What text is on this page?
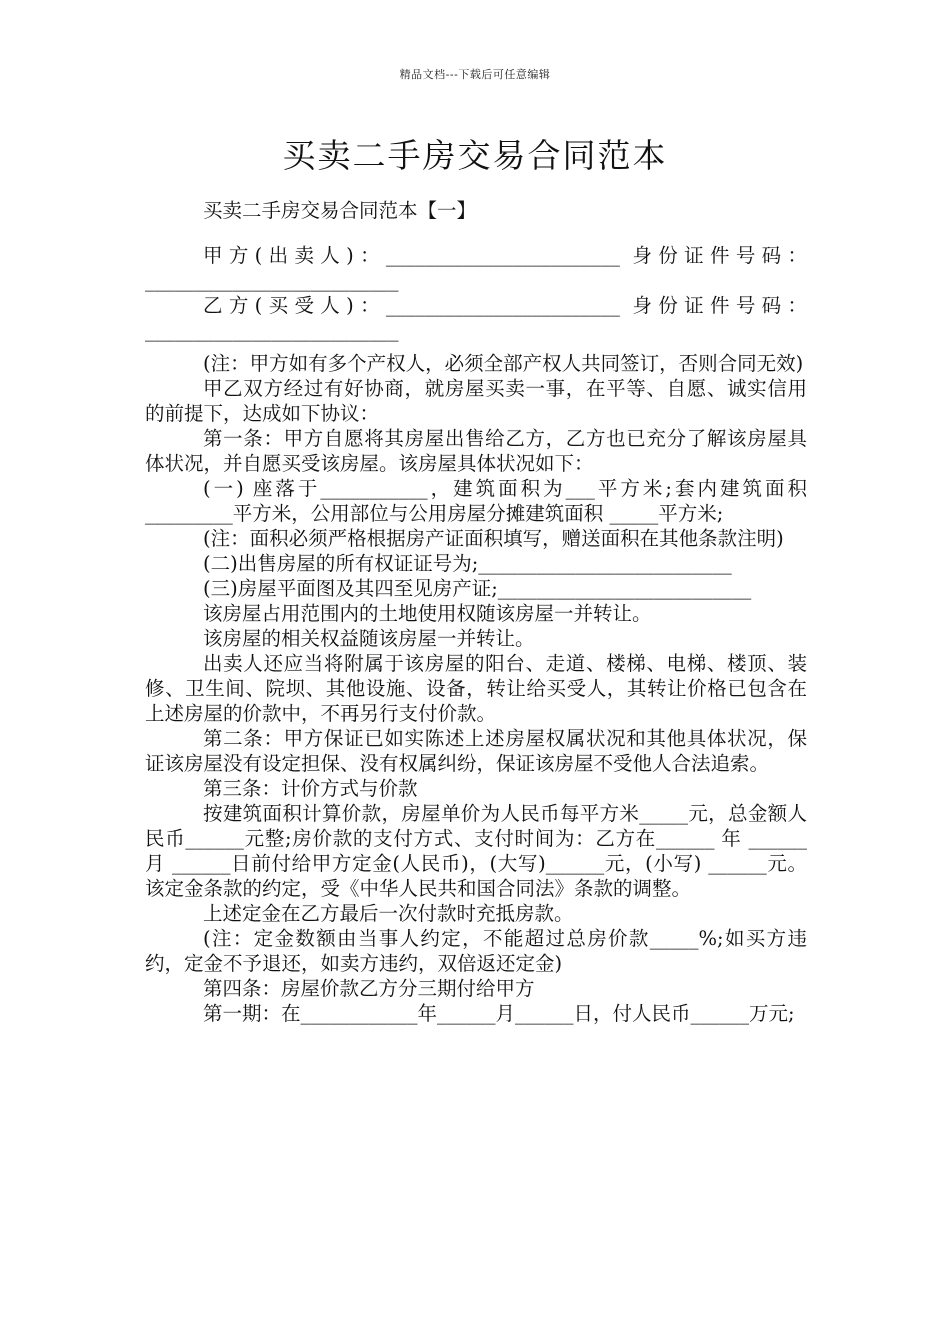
精品文档---下载后可任意编辑
买卖二手房交易合同范本

买卖二手房交易合同范本【一】

甲方(出卖人)：________________________ 身份证件号码：__________________________

乙方(买受人)：________________________ 身份证件号码：__________________________

(注：甲方如有多个产权人，必须全部产权人共同签订，否则合同无效)

甲乙双方经过有好协商，就房屋买卖一事，在平等、自愿、诚实信用的前提下，达成如下协议：

第一条：甲方自愿将其房屋出售给乙方，乙方也已充分了解该房屋具体状况，并自愿买受该房屋。该房屋具体状况如下：

(一) 座落于___________，建筑面积为___平方米;套内建筑面积_________平方米，公用部位与公用房屋分摊建筑面积 _____平方米;

(注：面积必须严格根据房产证面积填写，赠送面积在其他条款注明)

(二)出售房屋的所有权证证号为;__________________________

(三)房屋平面图及其四至见房产证;__________________________

该房屋占用范围内的土地使用权随该房屋一并转让。

该房屋的相关权益随该房屋一并转让。

出卖人还应当将附属于该房屋的阳台、走道、楼梯、电梯、楼顶、装修、卫生间、院坝、其他设施、设备，转让给买受人，其转让价格已包含在上述房屋的价款中，不再另行支付价款。

第二条：甲方保证已如实陈述上述房屋权属状况和其他具体状况，保证该房屋没有设定担保、没有权属纠纷，保证该房屋不受他人合法追索。

第三条：计价方式与价款

按建筑面积计算价款，房屋单价为人民币每平方米_____元，总金额人民币______元整;房价款的支付方式、支付时间为：乙方在______ 年 ______月 ______日前付给甲方定金(人民币)，(大写)______元，(小写) ______元。该定金条款的约定，受《中华人民共和国合同法》条款的调整。

上述定金在乙方最后一次付款时充抵房款。

(注：定金数额由当事人约定，不能超过总房价款_____%;如买方违约，定金不予退还，如卖方违约，双倍返还定金)

第四条：房屋价款乙方分三期付给甲方

第一期：在____________年______月______日，付人民币______万元;
